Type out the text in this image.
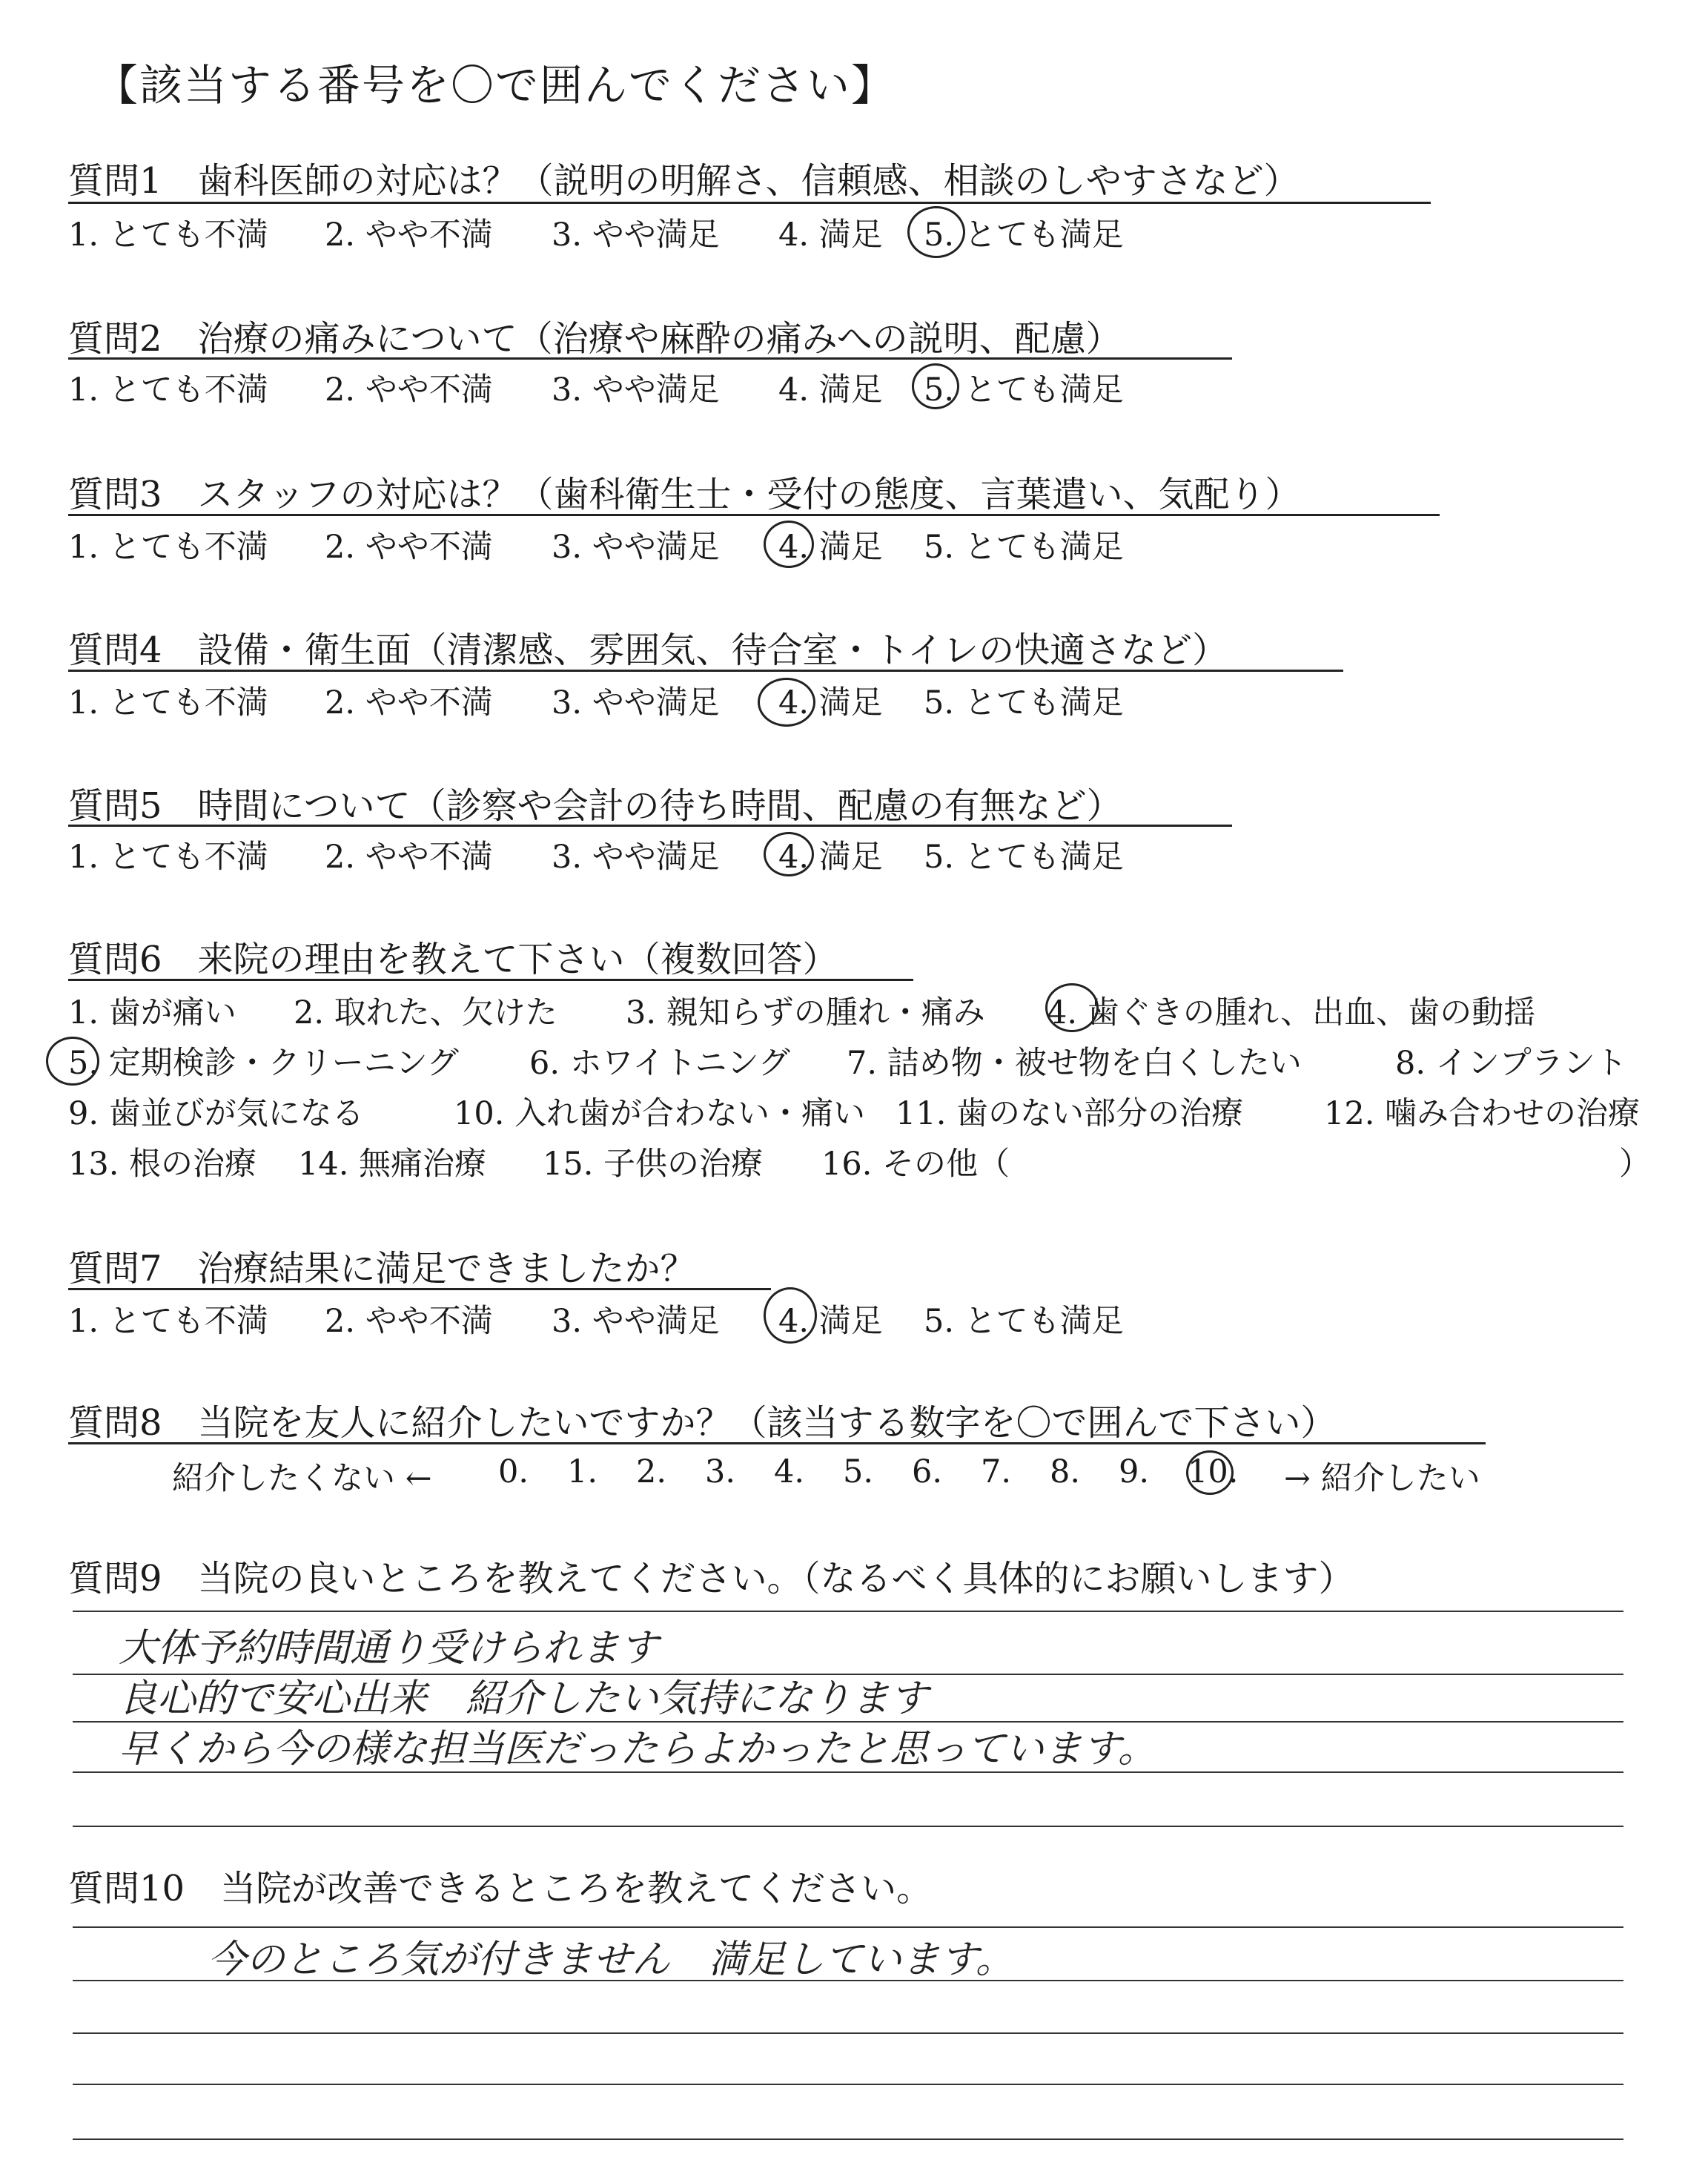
【該当する番号を〇で囲んでください】
質問1　歯科医師の対応は？（説明の明解さ、信頼感、相談のしやすさなど）
1. とても不満	2. やや不満	3. やや満足	4. 満足	5. とても満足
質問2　治療の痛みについて（治療や麻酔の痛みへの説明、配慮）
1. とても不満	2. やや不満	3. やや満足	4. 満足	5. とても満足
質問3　スタッフの対応は？（歯科衛生士・受付の態度、言葉遣い、気配り）
1. とても不満	2. やや不満	3. やや満足	4. 満足	5. とても満足
質問4　設備・衛生面（清潔感、雰囲気、待合室・トイレの快適さなど）
1. とても不満	2. やや不満	3. やや満足	4. 満足	5. とても満足
質問5　時間について（診察や会計の待ち時間、配慮の有無など）
1. とても不満	2. やや不満	3. やや満足	4. 満足	5. とても満足
質問6　来院の理由を教えて下さい（複数回答）
1. 歯が痛い	2. 取れた、欠けた	3. 親知らずの腫れ・痛み	4. 歯ぐきの腫れ、出血、歯の動揺
5. 定期検診・クリーニング	6. ホワイトニング	7. 詰め物・被せ物を白くしたい	8. インプラント
9. 歯並びが気になる	10. 入れ歯が合わない・痛い 11. 歯のない部分の治療	12. 噛み合わせの治療
13. 根の治療	14. 無痛治療	15. 子供の治療	16. その他（	）
質問7　治療結果に満足できましたか？
1. とても不満	2. やや不満	3. やや満足	4. 満足	5. とても満足
質問8　当院を友人に紹介したいですか？（該当する数字を〇で囲んで下さい）
紹介したくない ←	0.	1.	2.	3.	4.	5.	6.	7.	8.	9.	10.	→ 紹介したい
質問9　当院の良いところを教えてください。（なるべく具体的にお願いします）
大体予約時間通り受けられます
良心的で安心出来　紹介したい気持になります
早くから今の様な担当医だったらよかったと思っています。
質問10　当院が改善できるところを教えてください。
今のところ気が付きません　満足しています。
